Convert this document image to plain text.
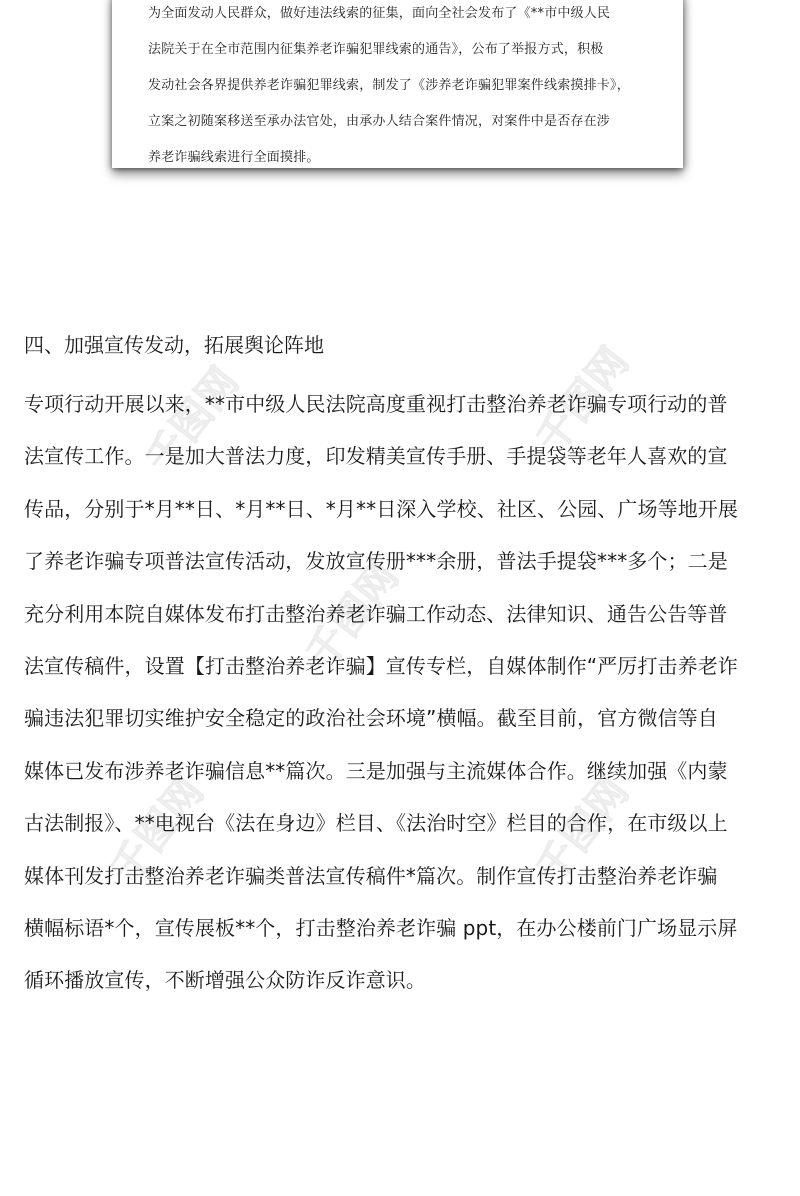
千图网	千图网
千图网
千图网	千图网
为全面发动人民群众，做好违法线索的征集，面向全社会发布了《**市中级人民
法院关于在全市范围内征集养老诈骗犯罪线索的通告》，公布了举报方式，积极
发动社会各界提供养老诈骗犯罪线索，制发了《涉养老诈骗犯罪案件线索摸排卡》，
立案之初随案移送至承办法官处，由承办人结合案件情况，对案件中是否存在涉
养老诈骗线索进行全面摸排。
四、加强宣传发动，拓展舆论阵地
专项行动开展以来，**市中级人民法院高度重视打击整治养老诈骗专项行动的普
法宣传工作。一是加大普法力度，印发精美宣传手册、手提袋等老年人喜欢的宣
传品，分别于*月**日、*月**日、*月**日深入学校、社区、公园、广场等地开展
了养老诈骗专项普法宣传活动，发放宣传册***余册，普法手提袋***多个；二是
充分利用本院自媒体发布打击整治养老诈骗工作动态、法律知识、通告公告等普
法宣传稿件，设置【打击整治养老诈骗】宣传专栏，自媒体制作“严厉打击养老诈
骗违法犯罪切实维护安全稳定的政治社会环境”横幅。截至目前，官方微信等自
媒体已发布涉养老诈骗信息**篇次。三是加强与主流媒体合作。继续加强《内蒙
古法制报》、**电视台《法在身边》栏目、《法治时空》栏目的合作，在市级以上
媒体刊发打击整治养老诈骗类普法宣传稿件*篇次。制作宣传打击整治养老诈骗
横幅标语*个，宣传展板**个，打击整治养老诈骗 ppt，在办公楼前门广场显示屏
循环播放宣传，不断增强公众防诈反诈意识。
